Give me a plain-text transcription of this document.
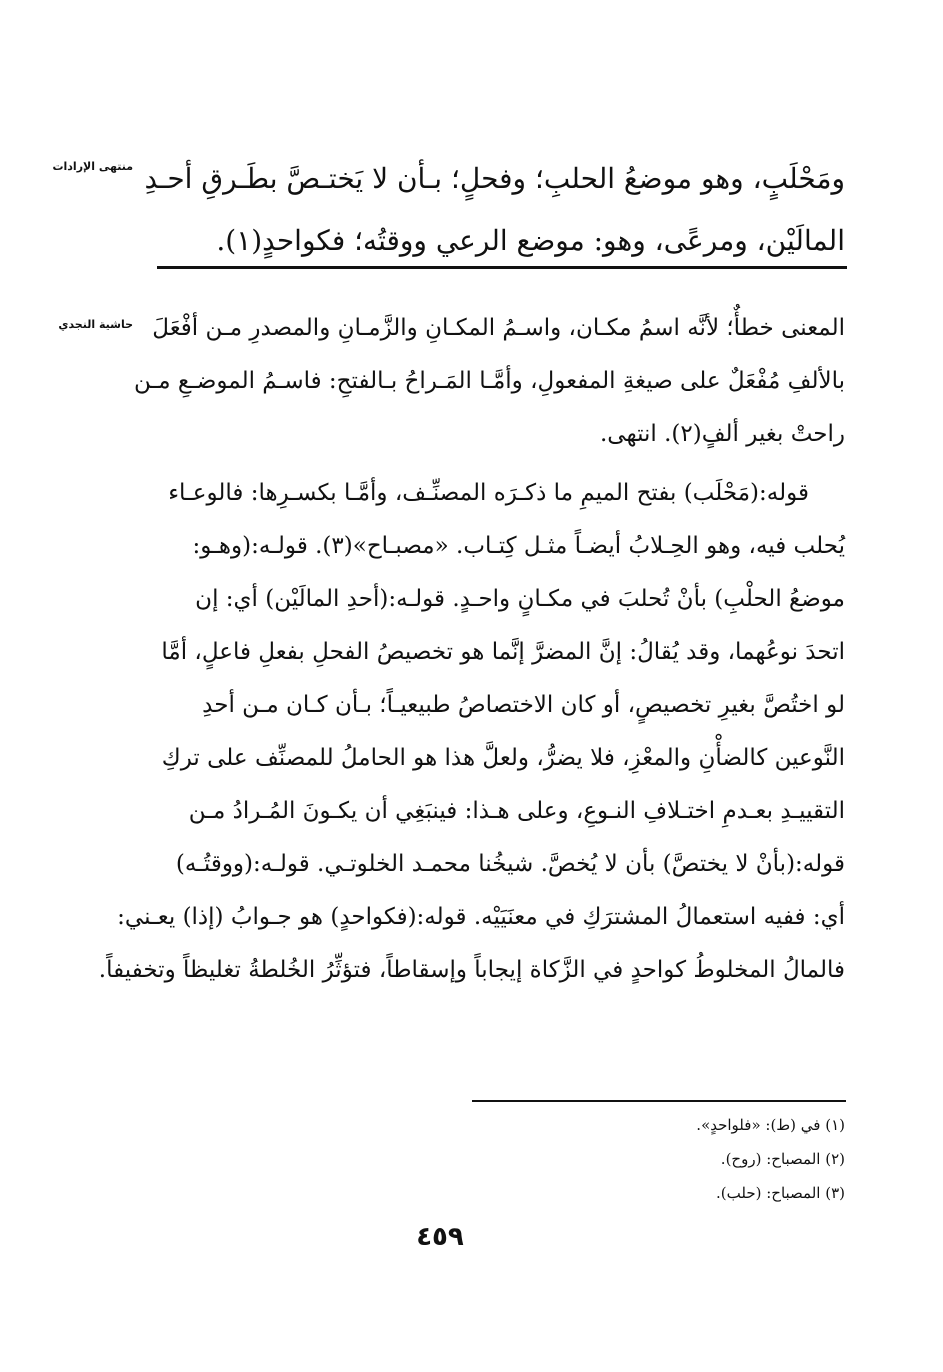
منتهى الإرادات ومَحْلَبٍ، وهو موضعُ الحلبِ؛ وفحلٍ؛ بـأن لا يَختـصَّ بطَـرقِ أحـدِ
المالَيْن، ومرعًى، وهو: موضع الرعي ووقتُه؛ فكواحدٍ(١).
حاشية النجدي المعنى خطأٌ؛ لأنَّه اسمُ مكـان، واسـمُ المكـانِ والزَّمـانِ والمصدرِ مـن أفْعَلَ
بالألفِ مُفْعَلٌ على صيغةِ المفعولِ، وأمَّـا المَـراحُ بـالفتحِ: فاسـمُ الموضـعِ مـن
راحتْ بغير ألفٍ(٢). انتهى.
قوله:(مَحْلَب) بفتح الميمِ ما ذكـرَه المصنِّـف، وأمَّـا بكسـرِها: فالوعـاء
يُحلب فيه، وهو الحِـلابُ أيضـاً مثـل كِتـاب. «مصبـاح»(٣). قولـه:(وهـو:
موضعُ الحلْبِ) بأنْ تُحلبَ في مكـانٍ واحـدٍ. قولـه:(أحدِ المالَيْن) أي: إن
اتحدَ نوعُهما، وقد يُقالُ: إنَّ المضرَّ إنَّما هو تخصيصُ الفحلِ بفعلِ فاعلٍ، أمَّا
لو اختُصَّ بغيرِ تخصيصٍ، أو كان الاختصاصُ طبيعيـاً؛ بـأن كـان مـن أحدِ
النَّوعين كالضأْنِ والمعْزِ، فلا يضرُّ، ولعلَّ هذا هو الحاملُ للمصنِّف على تركِ
التقييـدِ بعـدمِ اختـلافِ النـوعِ، وعلى هـذا: فينبَغِي أن يكـونَ المُـرادُ مـن
قوله:(بأنْ لا يختصَّ) بأن لا يُخصَّ. شيخُنا محمـد الخلوتـي. قولـه:(ووقتُـه)
أي: ففيه استعمالُ المشترَكِ في معنَيَيْه. قوله:(فكواحدٍ) هو جـوابُ (إذا) يعـني:
فالمالُ المخلوطُ كواحدٍ في الزَّكاة إيجاباً وإسقاطاً، فتؤثِّرُ الخُلطةُ تغليظاً وتخفيفاً.
(١) في (ط): «فلواحدٍ».
(٢) المصباح: (روح).
(٣) المصباح: (حلب).
٤٥٩
